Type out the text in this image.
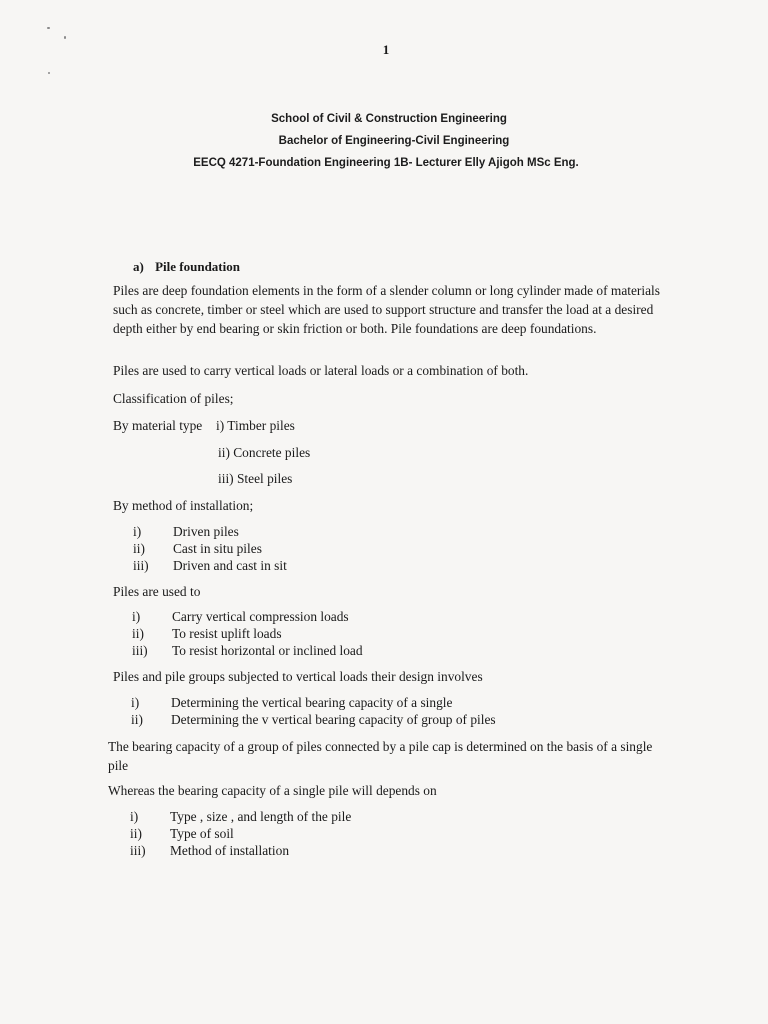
1
School of Civil & Construction Engineering
Bachelor of Engineering-Civil Engineering
EECQ 4271-Foundation Engineering 1B- Lecturer Elly Ajigoh MSc Eng.
a) Pile foundation
Piles are deep foundation elements in the form of a slender column or long cylinder made of materials such as concrete, timber or steel which are used to support structure and transfer the load at a desired depth either by end bearing or skin friction or both. Pile foundations are deep foundations.
Piles are used to carry vertical loads or lateral loads or a combination of both.
Classification of piles;
By material type i) Timber piles
ii) Concrete piles
iii) Steel piles
By method of installation;
i)	Driven piles
ii)	Cast in situ piles
iii)	Driven and cast in sit
Piles are used to
i)	Carry vertical compression loads
ii)	To resist uplift loads
iii)	To resist horizontal or inclined load
Piles and pile groups subjected to vertical loads their design involves
i)	Determining the vertical bearing capacity of a single
ii)	Determining the v vertical bearing capacity of group of piles
The bearing capacity of a group of piles connected by a pile cap is determined on the basis of a single pile
Whereas the bearing capacity of a single pile will depends on
i)	Type , size , and length of the pile
ii)	Type of soil
iii)	Method of installation
